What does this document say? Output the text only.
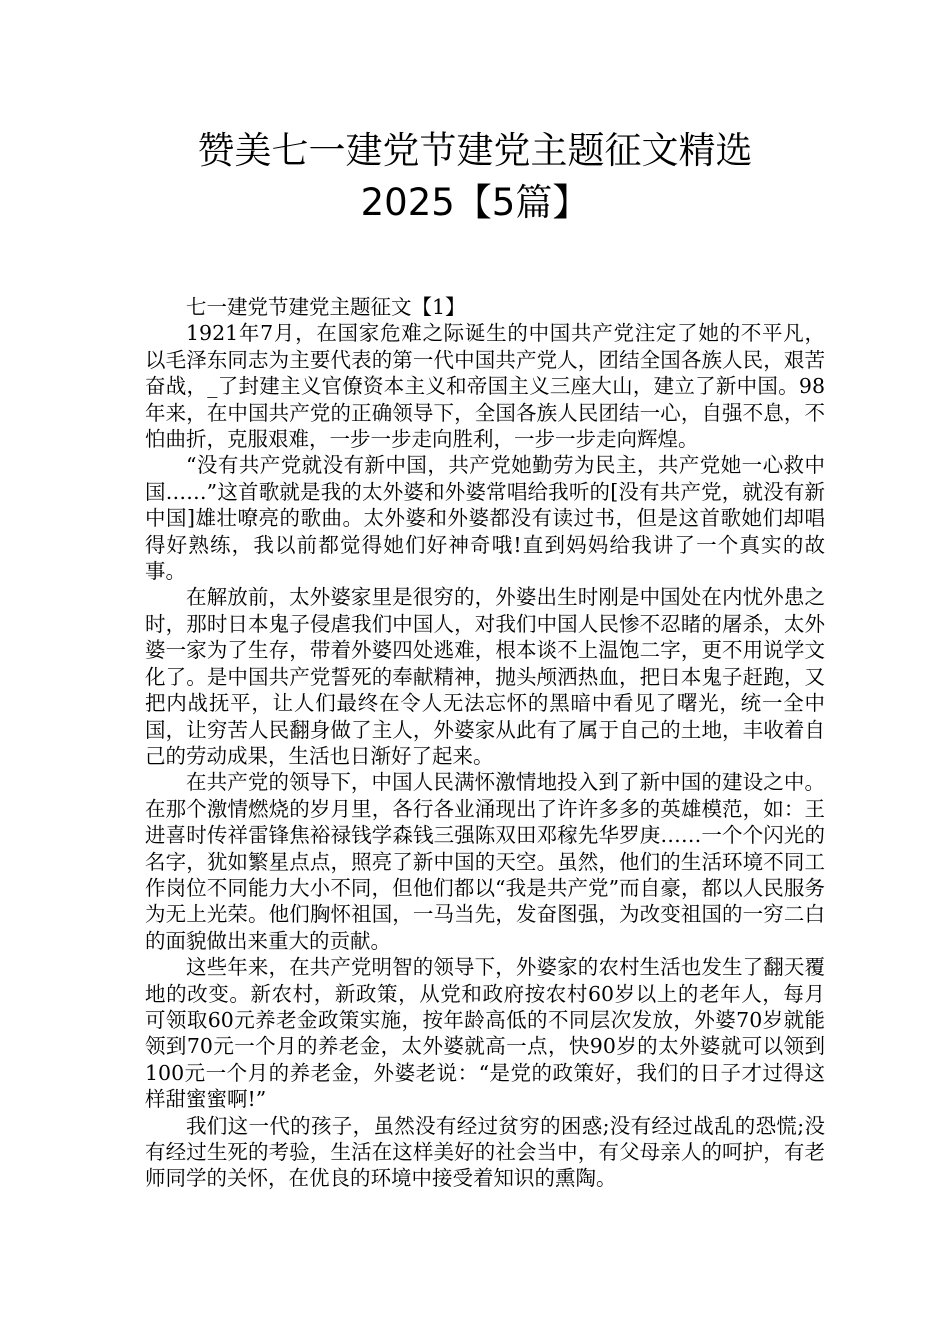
赞美七一建党节建党主题征文精选
2025【5篇】

七一建党节建党主题征文【1】

1921年7月，在国家危难之际诞生的中国共产党注定了她的不平凡，以毛泽东同志为主要代表的第一代中国共产党人，团结全国各族人民，艰苦奋战，_了封建主义官僚资本主义和帝国主义三座大山，建立了新中国。98年来，在中国共产党的正确领导下，全国各族人民团结一心，自强不息，不怕曲折，克服艰难，一步一步走向胜利，一步一步走向辉煌。

“没有共产党就没有新中国，共产党她勤劳为民主，共产党她一心救中国……”这首歌就是我的太外婆和外婆常唱给我听的[没有共产党，就没有新中国]雄壮嘹亮的歌曲。太外婆和外婆都没有读过书，但是这首歌她们却唱得好熟练，我以前都觉得她们好神奇哦!直到妈妈给我讲了一个真实的故事。

在解放前，太外婆家里是很穷的，外婆出生时刚是中国处在内忧外患之时，那时日本鬼子侵虐我们中国人，对我们中国人民惨不忍睹的屠杀，太外婆一家为了生存，带着外婆四处逃难，根本谈不上温饱二字，更不用说学文化了。是中国共产党誓死的奉献精神，抛头颅洒热血，把日本鬼子赶跑，又把内战抚平，让人们最终在令人无法忘怀的黑暗中看见了曙光，统一全中国，让穷苦人民翻身做了主人，外婆家从此有了属于自己的土地，丰收着自己的劳动成果，生活也日渐好了起来。

在共产党的领导下，中国人民满怀激情地投入到了新中国的建设之中。在那个激情燃烧的岁月里，各行各业涌现出了许许多多的英雄模范，如：王进喜时传祥雷锋焦裕禄钱学森钱三强陈双田邓稼先华罗庚……一个个闪光的名字，犹如繁星点点，照亮了新中国的天空。虽然，他们的生活环境不同工作岗位不同能力大小不同，但他们都以“我是共产党”而自豪，都以人民服务为无上光荣。他们胸怀祖国，一马当先，发奋图强，为改变祖国的一穷二白的面貌做出来重大的贡献。

这些年来，在共产党明智的领导下，外婆家的农村生活也发生了翻天覆地的改变。新农村，新政策，从党和政府按农村60岁以上的老年人，每月可领取60元养老金政策实施，按年龄高低的不同层次发放，外婆70岁就能领到70元一个月的养老金，太外婆就高一点，快90岁的太外婆就可以领到100元一个月的养老金，外婆老说：“是党的政策好，我们的日子才过得这样甜蜜蜜啊!”

我们这一代的孩子，虽然没有经过贫穷的困惑;没有经过战乱的恐慌;没有经过生死的考验，生活在这样美好的社会当中，有父母亲人的呵护，有老师同学的关怀，在优良的环境中接受着知识的熏陶。
